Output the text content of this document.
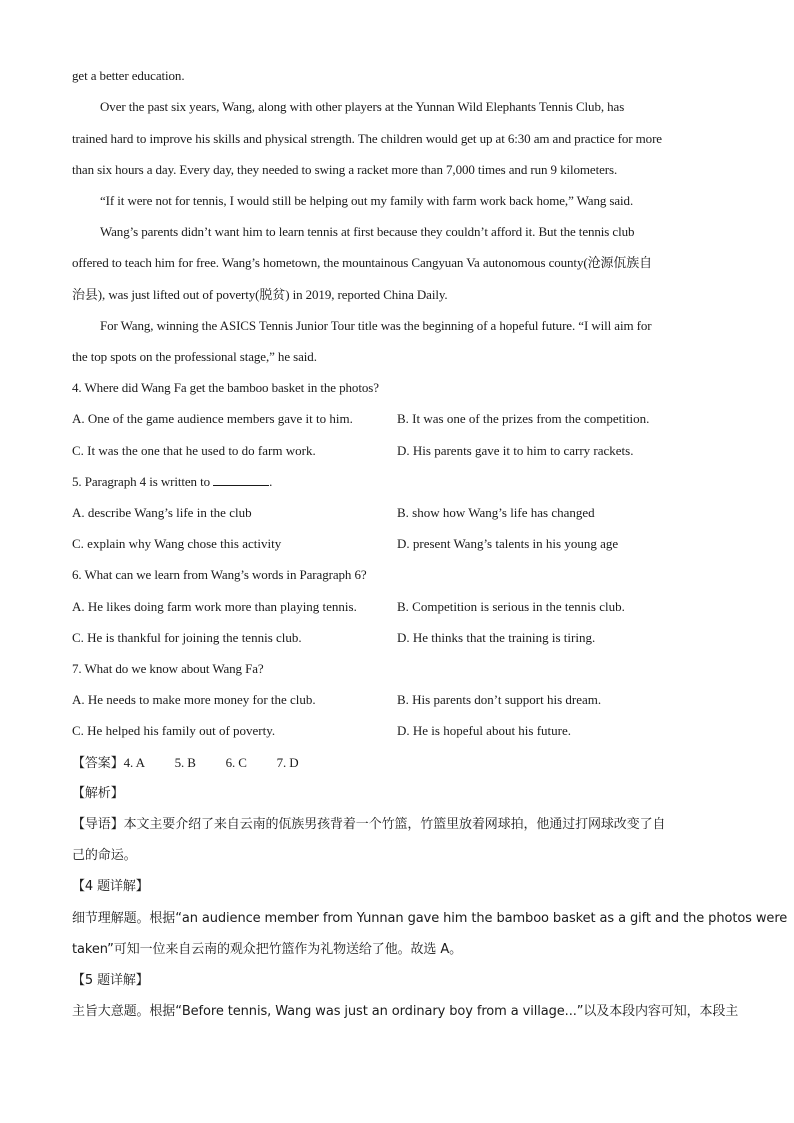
get a better education.
Over the past six years, Wang, along with other players at the Yunnan Wild Elephants Tennis Club, has
trained hard to improve his skills and physical strength. The children would get up at 6:30 am and practice for more
than six hours a day. Every day, they needed to swing a racket more than 7,000 times and run 9 kilometers.
“If it were not for tennis, I would still be helping out my family with farm work back home,” Wang said.
Wang’s parents didn’t want him to learn tennis at first because they couldn’t afford it. But the tennis club
offered to teach him for free. Wang’s hometown, the mountainous Cangyuan Va autonomous county(沧源佤族自
治县), was just lifted out of poverty(脱贫) in 2019, reported China Daily.
For Wang, winning the ASICS Tennis Junior Tour title was the beginning of a hopeful future. “I will aim for
the top spots on the professional stage,” he said.
4. Where did Wang Fa get the bamboo basket in the photos?
A. One of the game audience members gave it to him.	B. It was one of the prizes from the competition.
C. It was the one that he used to do farm work.	D. His parents gave it to him to carry rackets.
5. Paragraph 4 is written to	.
A. describe Wang’s life in the club	B. show how Wang’s life has changed
C. explain why Wang chose this activity	D. present Wang’s talents in his young age
6. What can we learn from Wang’s words in Paragraph 6?
A. He likes doing farm work more than playing tennis.	B. Competition is serious in the tennis club.
C. He is thankful for joining the tennis club.	D. He thinks that the training is tiring.
7. What do we know about Wang Fa?
A. He needs to make more money for the club.	B. His parents don’t support his dream.
C. He helped his family out of poverty.	D. He is hopeful about his future.
【答案】4. A 5. B 6. C 7. D
【解析】
【导语】本文主要介绍了来自云南的佤族男孩背着一个竹篮，竹篮里放着网球拍，他通过打网球改变了自
己的命运。
【4 题详解】
细节理解题。根据“an audience member from Yunnan gave him the bamboo basket as a gift and the photos were
taken”可知一位来自云南的观众把竹篮作为礼物送给了他。故选 A。
【5 题详解】
主旨大意题。根据“Before tennis, Wang was just an ordinary boy from a village...”以及本段内容可知，本段主
